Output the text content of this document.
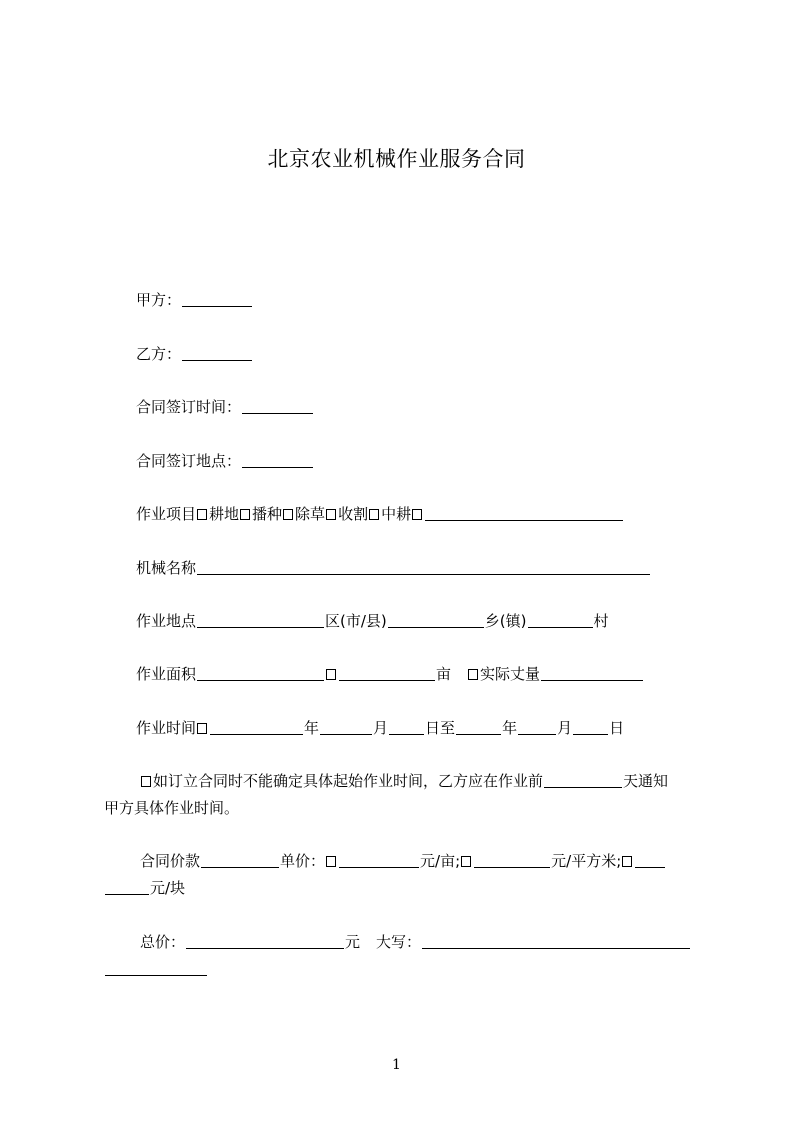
北京农业机械作业服务合同
甲方：
乙方：
合同签订时间：
合同签订地点：
作业项目 耕地 播种 除草 收割 中耕
机械名称
作业地点	区(市/县)	乡(镇)	村
作业面积	亩 实际丈量
作业时间	年	月 日至	年	月 日
如订立合同时不能确定具体起始作业时间，乙方应在作业前	天通知
甲方具体作业时间。
合同价款	单价：	元/亩;	元/平方米;
元/块
总价：	元 大写：
1
